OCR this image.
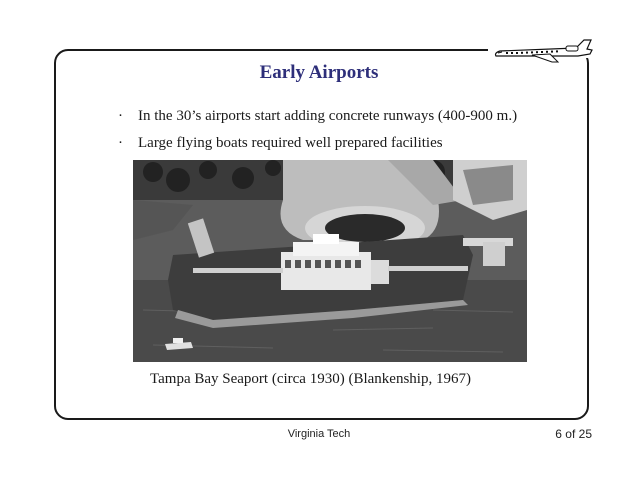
Early Airports
· In the 30’s airports start adding concrete runways (400-900 m.)
· Large flying boats required well prepared facilities
Tampa Bay Seaport (circa 1930) (Blankenship, 1967)
Virginia Tech	6 of 25
